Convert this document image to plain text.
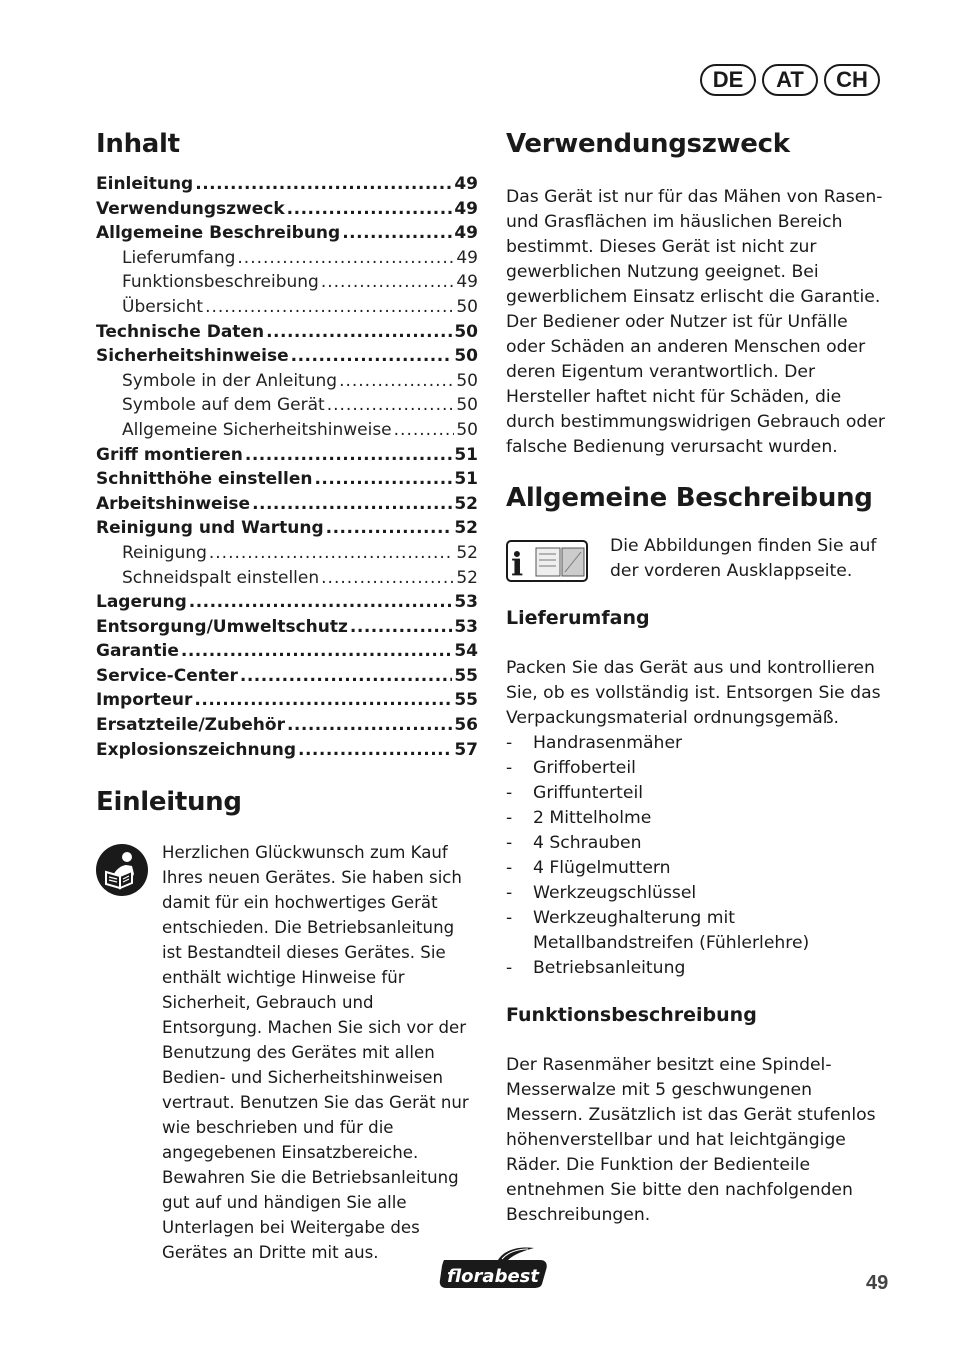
DE	AT	CH
Inhalt
Einleitung .....	49
Verwendungszweck .....	49
Allgemeine Beschreibung .....	49
Lieferumfang .....	49
Funktionsbeschreibung .....	49
Übersicht .....	50
Technische Daten .....	50
Sicherheitshinweise .....	50
Symbole in der Anleitung .....	50
Symbole auf dem Gerät .....	50
Allgemeine Sicherheitshinweise .....	50
Griff montieren .....	51
Schnitthöhe einstellen .....	51
Arbeitshinweise .....	52
Reinigung und Wartung .....	52
Reinigung .....	52
Schneidspalt einstellen .....	52
Lagerung .....	53
Entsorgung/Umweltschutz .....	53
Garantie .....	54
Service-Center .....	55
Importeur .....	55
Ersatzteile/Zubehör .....	56
Explosionszeichnung .....	57
Einleitung
Herzlichen Glückwunsch zum Kauf Ihres neuen Gerätes. Sie haben sich damit für ein hochwertiges Gerät entschieden. Die Betriebsanleitung ist Bestandteil dieses Gerätes. Sie enthält wichtige Hinweise für Sicherheit, Gebrauch und Entsorgung. Machen Sie sich vor der Benutzung des Gerätes mit allen Bedien- und Sicherheitshinweisen vertraut. Benutzen Sie das Gerät nur wie beschrieben und für die angegebenen Einsatzbereiche. Bewahren Sie die Betriebsanleitung gut auf und händigen Sie alle Unterlagen bei Weitergabe des Gerätes an Dritte mit aus.
Verwendungszweck

Das Gerät ist nur für das Mähen von Rasen- und Grasflächen im häuslichen Bereich bestimmt. Dieses Gerät ist nicht zur gewerblichen Nutzung geeignet. Bei gewerblichem Einsatz erlischt die Garantie. Der Bediener oder Nutzer ist für Unfälle oder Schäden an anderen Menschen oder deren Eigentum verantwortlich. Der Hersteller haftet nicht für Schäden, die durch bestimmungswidrigen Gebrauch oder falsche Bedienung verursacht wurden.

Allgemeine Beschreibung
i	Die Abbildungen finden Sie auf der vorderen Ausklappseite.
Lieferumfang

Packen Sie das Gerät aus und kontrollieren Sie, ob es vollständig ist. Entsorgen Sie das Verpackungsmaterial ordnungsgemäß.

-	Handrasenmäher
-	Griffoberteil
-	Griffunterteil
-	2 Mittelholme
-	4 Schrauben
-	4 Flügelmuttern
-	Werkzeugschlüssel
-	Werkzeughalterung mit Metallbandstreifen (Fühlerlehre)
-	Betriebsanleitung
Funktionsbeschreibung

Der Rasenmäher besitzt eine Spindel-Messerwalze mit 5 geschwungenen Messern. Zusätzlich ist das Gerät stufenlos höhenverstellbar und hat leichtgängige Räder. Die Funktion der Bedienteile entnehmen Sie bitte den nachfolgenden Beschreibungen.

florabest	49
